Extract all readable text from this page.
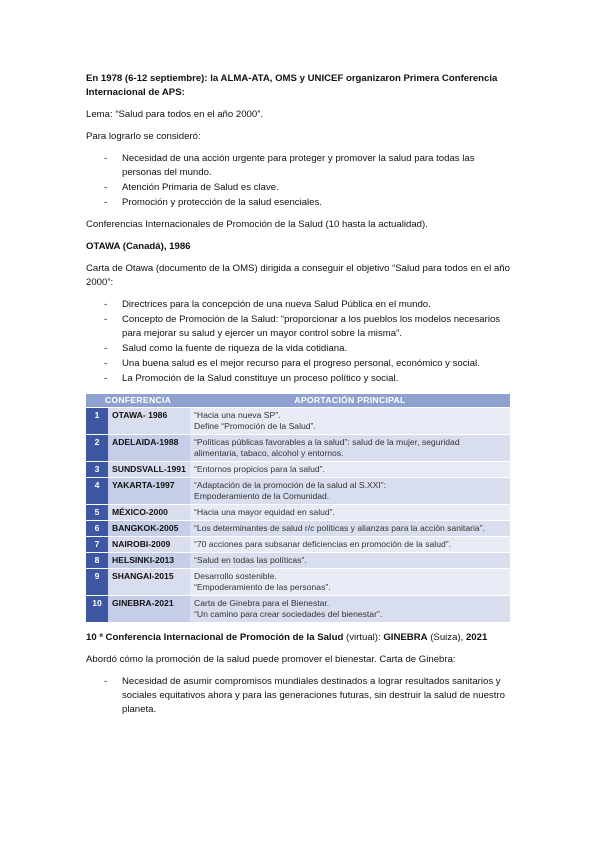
En 1978 (6-12 septiembre): la ALMA-ATA, OMS y UNICEF organizaron Primera Conferencia Internacional de APS:

Lema: “Salud para todos en el año 2000”.

Para lograrlo se consideró:

- Necesidad de una acción urgente para proteger y promover la salud para todas las personas del mundo.
- Atención Primaria de Salud es clave.
- Promoción y protección de la salud esenciales.

Conferencias Internacionales de Promoción de la Salud (10 hasta la actualidad).

OTAWA (Canadá), 1986

Carta de Otawa (documento de la OMS) dirigida a conseguir el objetivo “Salud para todos en el año 2000”:

- Directrices para la concepción de una nueva Salud Pública en el mundo.
- Concepto de Promoción de la Salud: “proporcionar a los pueblos los modelos necesarios para mejorar su salud y ejercer un mayor control sobre la misma”.
- Salud como la fuente de riqueza de la vida cotidiana.
- Una buena salud es el mejor recurso para el progreso personal, económico y social.
- La Promoción de la Salud constituye un proceso político y social.
CONFERENCIA		APORTACIÓN PRINCIPAL
1	OTAWA- 1986	“Hacia una nueva SP”.
Define “Promoción de la Salud”.

2	ADELAIDA-1988	“Políticas públicas favorables a la salud”: salud de la mujer, seguridad alimentaria, tabaco, alcohol y entornos.

3	SUNDSVALL-1991	“Entornos propicios para la salud”.

4	YAKARTA-1997	“Adaptación de la promoción de la salud al S.XXI”:
Empoderamiento de la Comunidad.

5	MÉXICO-2000	“Hacia una mayor equidad en salud”.

6	BANGKOK-2005	“Los determinantes de salud r/c políticas y alianzas para la acción sanitaria”.

7	NAIROBI-2009	“70 acciones para subsanar deficiencias en promoción de la salud”.

8	HELSINKI-2013	“Salud en todas las políticas”.

9	SHANGAI-2015	Desarrollo sostenible.
“Empoderamiento de las personas”.

10	GINEBRA-2021	Carta de Ginebra para el Bienestar.
“Un camino para crear sociedades del bienestar”.

10 ª Conferencia Internacional de Promoción de la Salud (virtual): GINEBRA (Suiza), 2021

Abordó cómo la promoción de la salud puede promover el bienestar. Carta de Ginebra:

- Necesidad de asumir compromisos mundiales destinados a lograr resultados sanitarios y sociales equitativos ahora y para las generaciones futuras, sin destruir la salud de nuestro planeta.
